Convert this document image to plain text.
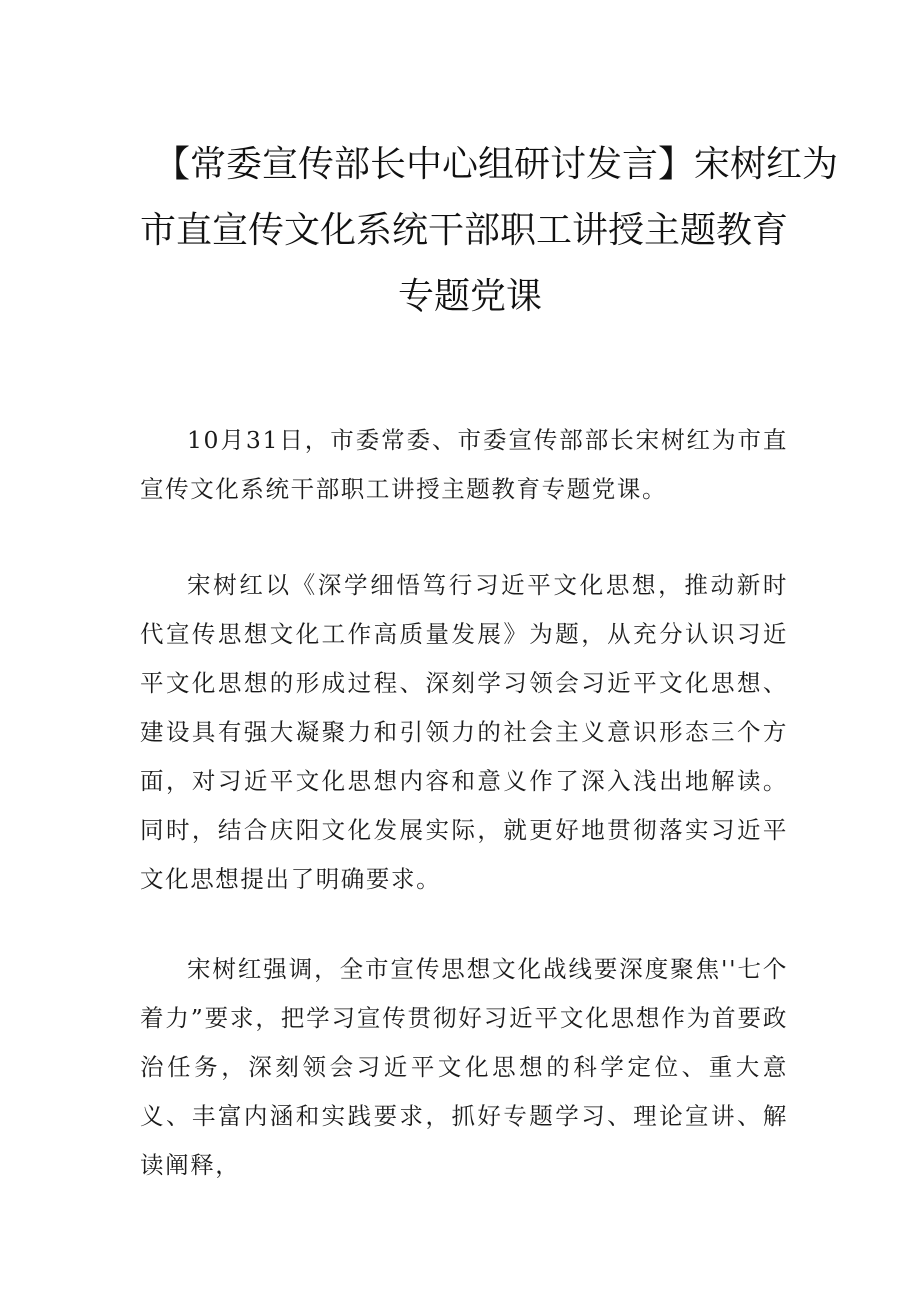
【常委宣传部长中心组研讨发言】宋树红为
市直宣传文化系统干部职工讲授主题教育
专题党课

10月31日，市委常委、市委宣传部部长宋树红为市直宣传文化系统干部职工讲授主题教育专题党课。

宋树红以《深学细悟笃行习近平文化思想，推动新时代宣传思想文化工作高质量发展》为题，从充分认识习近平文化思想的形成过程、深刻学习领会习近平文化思想、建设具有强大凝聚力和引领力的社会主义意识形态三个方面，对习近平文化思想内容和意义作了深入浅出地解读。同时，结合庆阳文化发展实际，就更好地贯彻落实习近平文化思想提出了明确要求。

宋树红强调，全市宣传思想文化战线要深度聚焦''七个着力”要求，把学习宣传贯彻好习近平文化思想作为首要政治任务，深刻领会习近平文化思想的科学定位、重大意义、丰富内涵和实践要求，抓好专题学习、理论宣讲、解读阐释，
